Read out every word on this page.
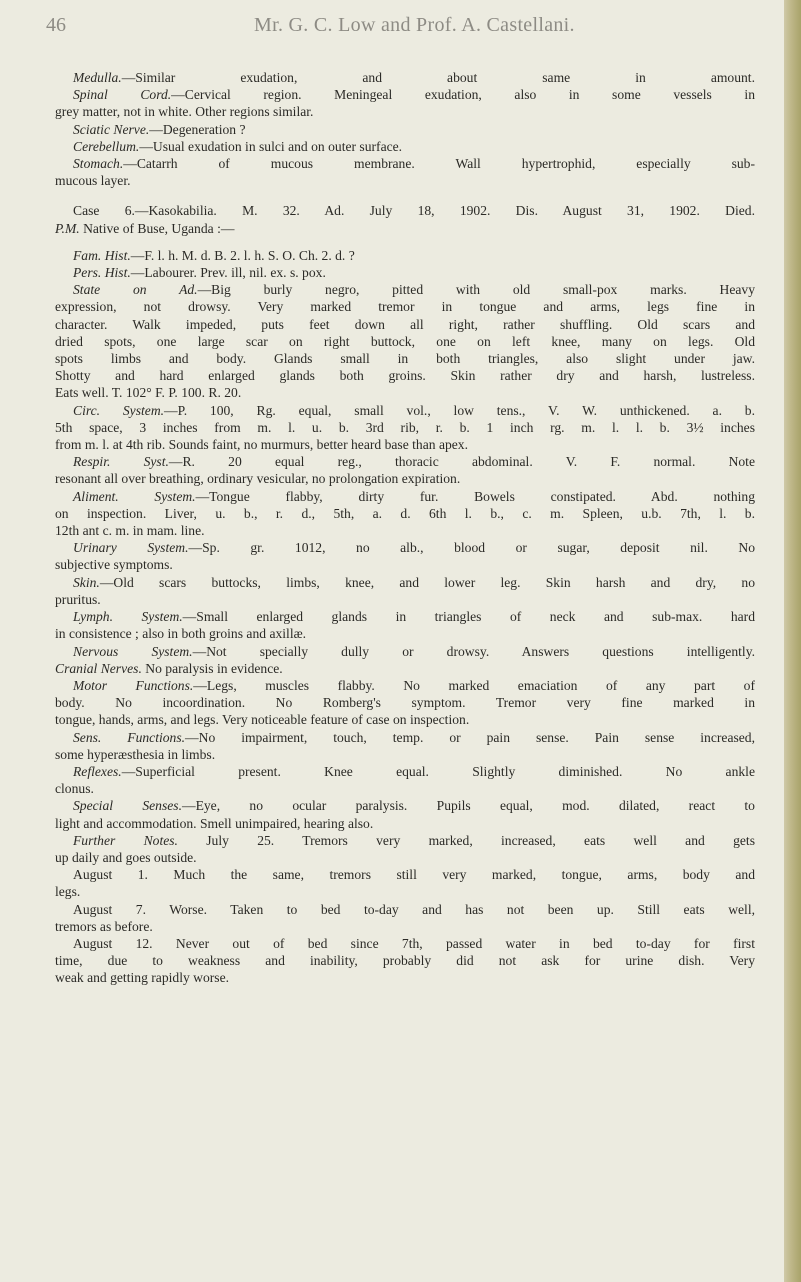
46	Mr. G. C. Low and Prof. A. Castellani.
Medulla.—Similar exudation, and about same in amount.
Spinal Cord.—Cervical region. Meningeal exudation, also in some vessels in
grey matter, not in white. Other regions similar.
Sciatic Nerve.—Degeneration ?
Cerebellum.—Usual exudation in sulci and on outer surface.
Stomach.—Catarrh of mucous membrane. Wall hypertrophid, especially sub-
mucous layer.
Case 6.—Kasokabilia. M. 32. Ad. July 18, 1902. Dis. August 31, 1902. Died.
P.M. Native of Buse, Uganda :—
Fam. Hist.—F. l. h. M. d. B. 2. l. h. S. O. Ch. 2. d. ?
Pers. Hist.—Labourer. Prev. ill, nil. ex. s. pox.
State on Ad.—Big burly negro, pitted with old small-pox marks. Heavy
expression, not drowsy. Very marked tremor in tongue and arms, legs fine in
character. Walk impeded, puts feet down all right, rather shuffling. Old scars and
dried spots, one large scar on right buttock, one on left knee, many on legs. Old
spots limbs and body. Glands small in both triangles, also slight under jaw.
Shotty and hard enlarged glands both groins. Skin rather dry and harsh, lustreless.
Eats well. T. 102° F. P. 100. R. 20.
Circ. System.—P. 100, Rg. equal, small vol., low tens., V. W. unthickened. a. b.
5th space, 3 inches from m. l. u. b. 3rd rib, r. b. 1 inch rg. m. l. l. b. 3½ inches
from m. l. at 4th rib. Sounds faint, no murmurs, better heard base than apex.
Respir. Syst.—R. 20 equal reg., thoracic abdominal. V. F. normal. Note
resonant all over breathing, ordinary vesicular, no prolongation expiration.
Aliment. System.—Tongue flabby, dirty fur. Bowels constipated. Abd. nothing
on inspection. Liver, u. b., r. d., 5th, a. d. 6th l. b., c. m. Spleen, u.b. 7th, l. b.
12th ant c. m. in mam. line.
Urinary System.—Sp. gr. 1012, no alb., blood or sugar, deposit nil. No
subjective symptoms.
Skin.—Old scars buttocks, limbs, knee, and lower leg. Skin harsh and dry, no
pruritus.
Lymph. System.—Small enlarged glands in triangles of neck and sub-max. hard
in consistence ; also in both groins and axillæ.
Nervous System.—Not specially dully or drowsy. Answers questions intelligently.
Cranial Nerves. No paralysis in evidence.
Motor Functions.—Legs, muscles flabby. No marked emaciation of any part of
body. No incoordination. No Romberg's symptom. Tremor very fine marked in
tongue, hands, arms, and legs. Very noticeable feature of case on inspection.
Sens. Functions.—No impairment, touch, temp. or pain sense. Pain sense increased,
some hyperæsthesia in limbs.
Reflexes.—Superficial present. Knee equal. Slightly diminished. No ankle
clonus.
Special Senses.—Eye, no ocular paralysis. Pupils equal, mod. dilated, react to
light and accommodation. Smell unimpaired, hearing also.
Further Notes. July 25. Tremors very marked, increased, eats well and gets
up daily and goes outside.
August 1. Much the same, tremors still very marked, tongue, arms, body and
legs.
August 7. Worse. Taken to bed to-day and has not been up. Still eats well,
tremors as before.
August 12. Never out of bed since 7th, passed water in bed to-day for first
time, due to weakness and inability, probably did not ask for urine dish. Very
weak and getting rapidly worse.
